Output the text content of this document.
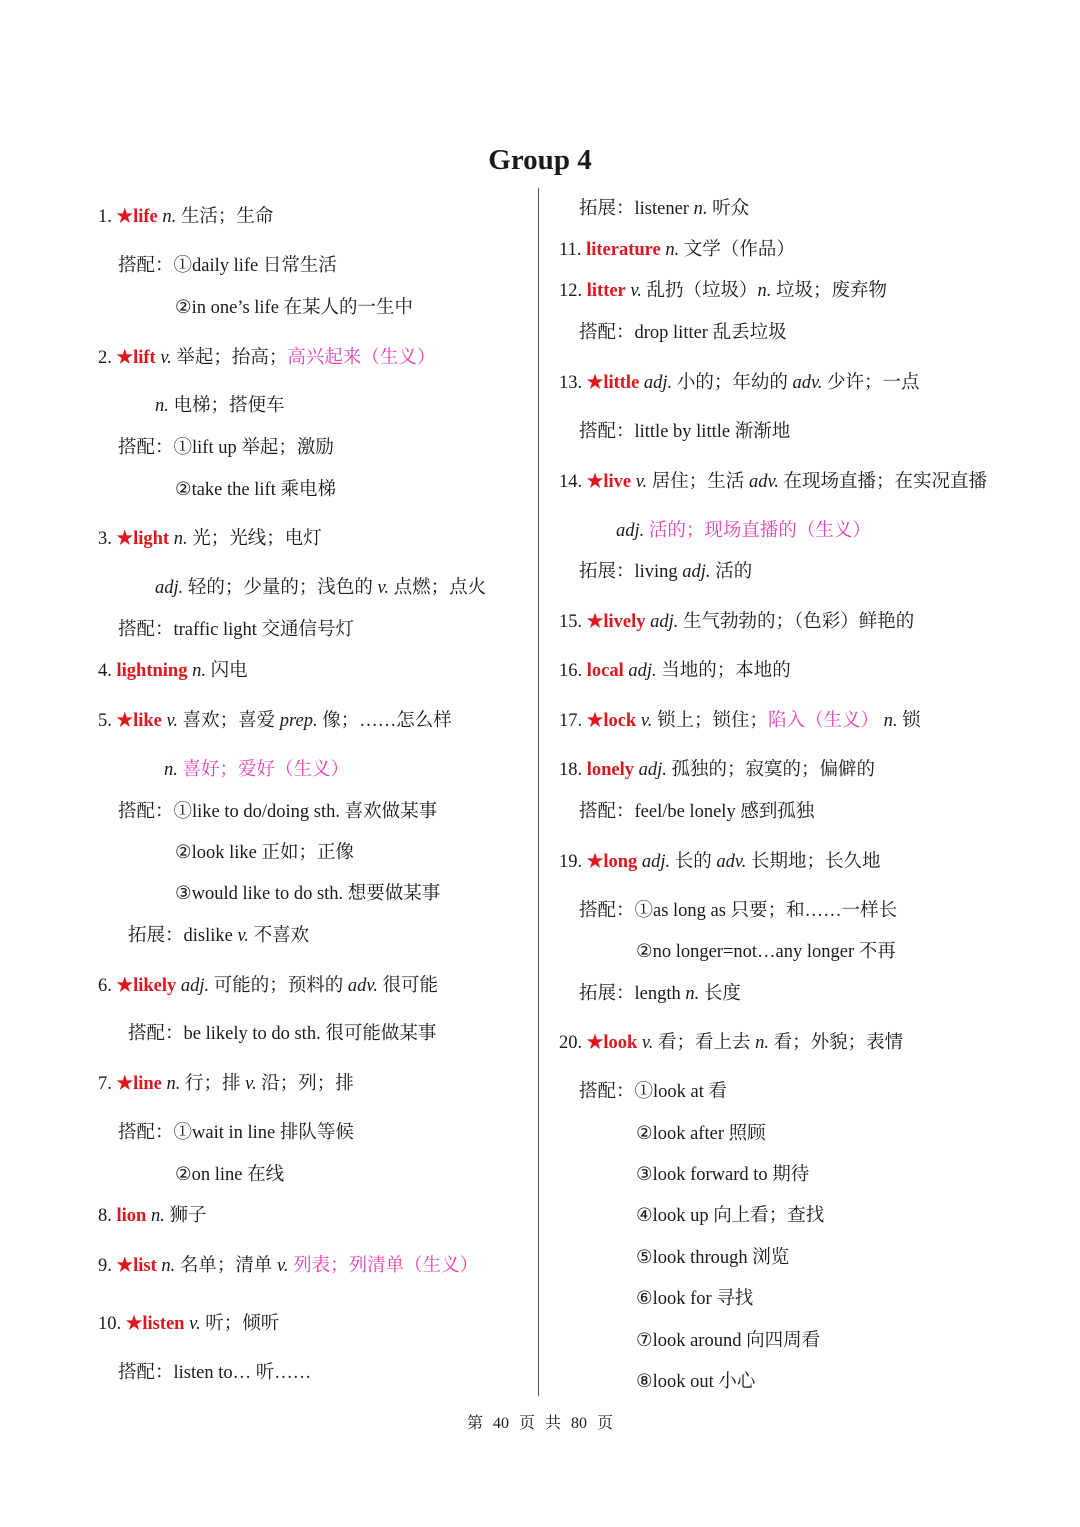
Group 4
1. ★life n. 生活；生命
搭配：①daily life 日常生活
②in one’s life 在某人的一生中
2. ★lift v. 举起；抬高；高兴起来（生义）
n. 电梯；搭便车
搭配：①lift up 举起；激励
②take the lift 乘电梯
3. ★light n. 光；光线；电灯
adj. 轻的；少量的；浅色的 v. 点燃；点火
搭配：traffic light 交通信号灯
4. lightning n. 闪电
5. ★like v. 喜欢；喜爱 prep. 像；……怎么样
n. 喜好；爱好（生义）
搭配：①like to do/doing sth. 喜欢做某事
②look like 正如；正像
③would like to do sth. 想要做某事
拓展：dislike v. 不喜欢
6. ★likely adj. 可能的；预料的 adv. 很可能
搭配：be likely to do sth. 很可能做某事
7. ★line n. 行；排 v. 沿；列；排
搭配：①wait in line 排队等候
②on line 在线
8. lion n. 狮子
9. ★list n. 名单；清单 v. 列表；列清单（生义）
10. ★listen v. 听；倾听
搭配：listen to… 听……
拓展：listener n. 听众
11. literature n. 文学（作品）
12. litter v. 乱扔（垃圾）n. 垃圾；废弃物
搭配：drop litter 乱丢垃圾
13. ★little adj. 小的；年幼的 adv. 少许；一点
搭配：little by little 渐渐地
14. ★live v. 居住；生活 adv. 在现场直播；在实况直播
adj. 活的；现场直播的（生义）
拓展：living adj. 活的
15. ★lively adj. 生气勃勃的；（色彩）鲜艳的
16. local adj. 当地的；本地的
17. ★lock v. 锁上；锁住；陷入（生义） n. 锁
18. lonely adj. 孤独的；寂寞的；偏僻的
搭配：feel/be lonely 感到孤独
19. ★long adj. 长的 adv. 长期地；长久地
搭配：①as long as 只要；和……一样长
②no longer=not…any longer 不再
拓展：length n. 长度
20. ★look v. 看；看上去 n. 看；外貌；表情
搭配：①look at 看
②look after 照顾
③look forward to 期待
④look up 向上看；查找
⑤look through 浏览
⑥look for 寻找
⑦look around 向四周看
⑧look out 小心
第 40 页 共 80 页
